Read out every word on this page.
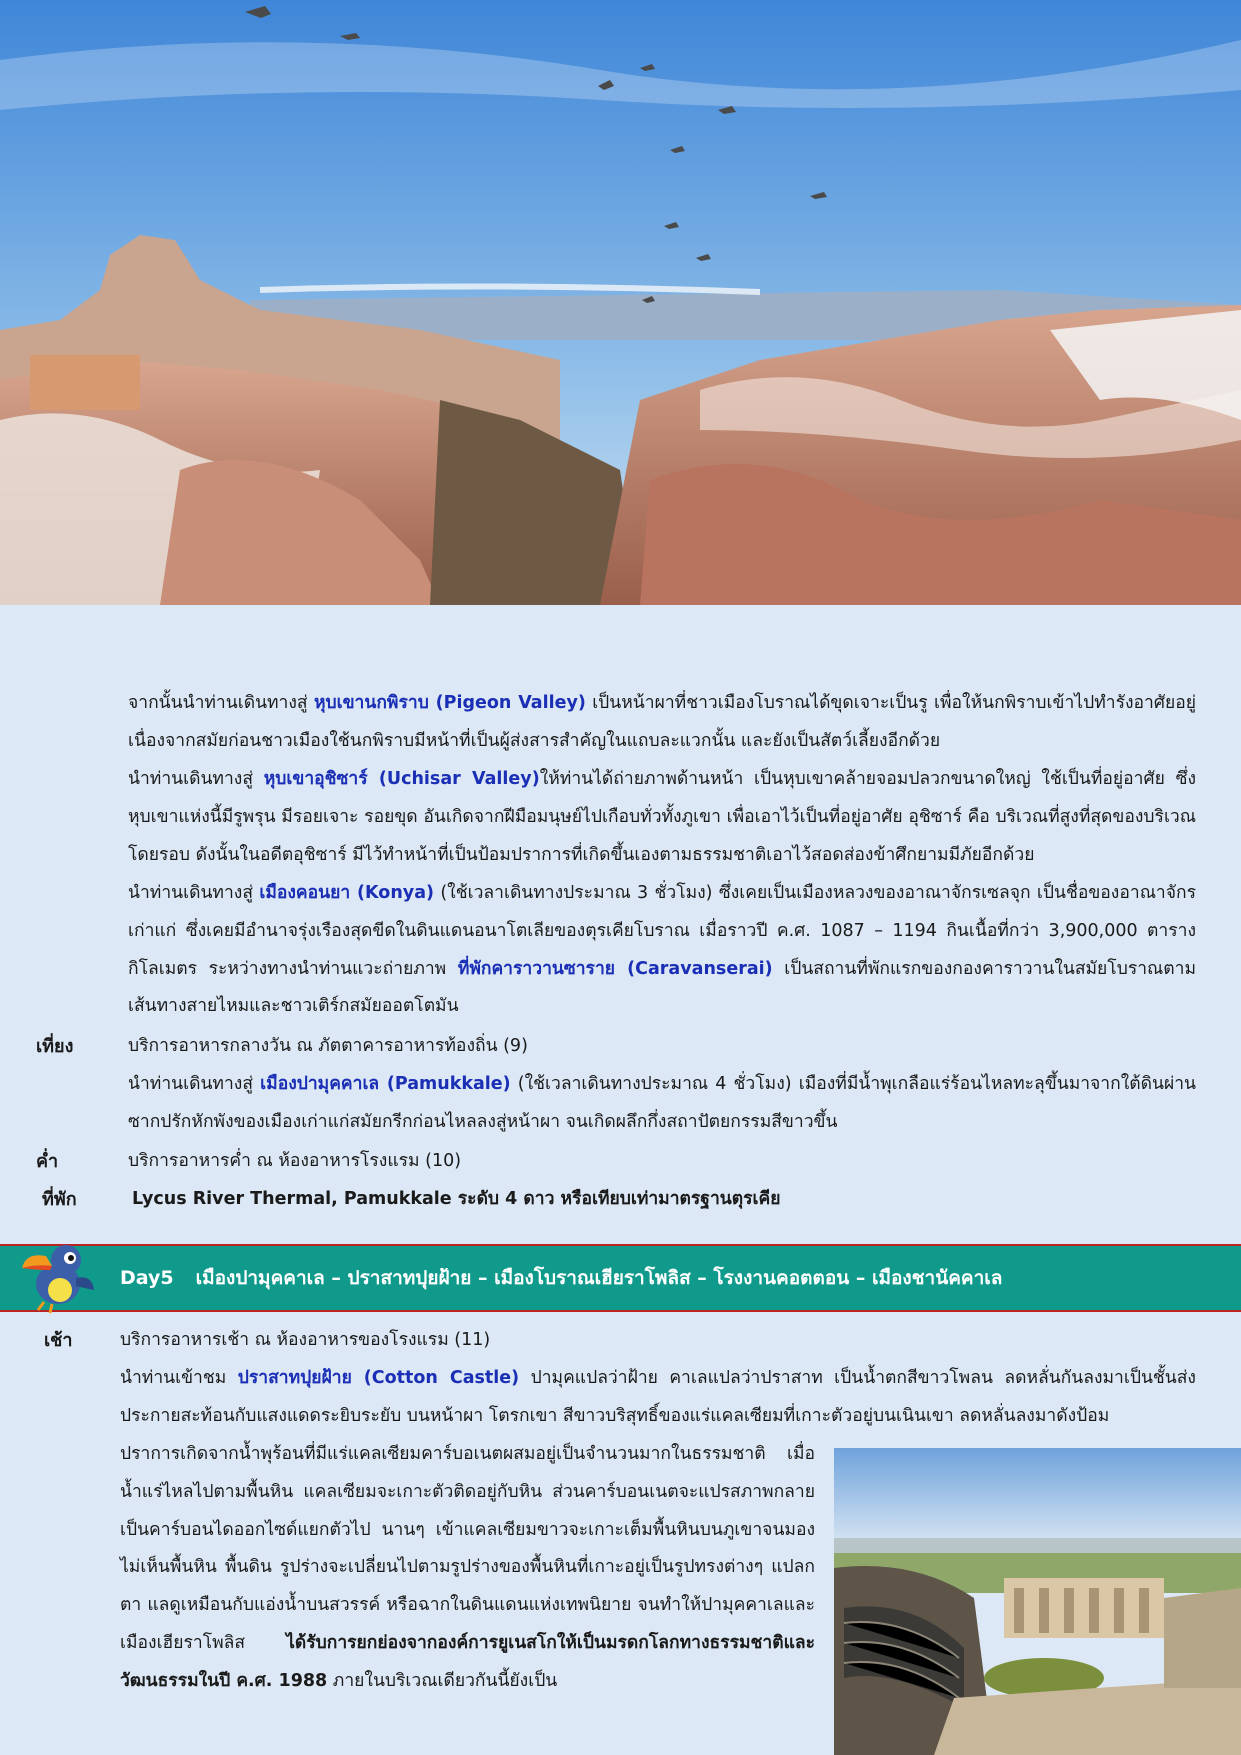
จากนั้นนำท่านเดินทางสู่ หุบเขานกพิราบ (Pigeon Valley) เป็นหน้าผาที่ชาวเมืองโบราณได้ขุดเจาะเป็นรู เพื่อให้นกพิราบเข้าไปทำรังอาศัยอยู่ เนื่องจากสมัยก่อนชาวเมืองใช้นกพิราบมีหน้าที่เป็นผู้ส่งสารสำคัญในแถบละแวกนั้น และยังเป็นสัตว์เลี้ยงอีกด้วย
นำท่านเดินทางสู่ หุบเขาอุชิซาร์ (Uchisar Valley)ให้ท่านได้ถ่ายภาพด้านหน้า เป็นหุบเขาคล้ายจอมปลวกขนาดใหญ่ ใช้เป็นที่อยู่อาศัย ซึ่งหุบเขาแห่งนี้มีรูพรุน มีรอยเจาะ รอยขุด อันเกิดจากฝีมือมนุษย์ไปเกือบทั่วทั้งภูเขา เพื่อเอาไว้เป็นที่อยู่อาศัย อุชิซาร์ คือ บริเวณที่สูงที่สุดของบริเวณโดยรอบ ดังนั้นในอดีตอุชิซาร์ มีไว้ทำหน้าที่เป็นป้อมปราการที่เกิดขึ้นเองตามธรรมชาติเอาไว้สอดส่องข้าศึกยามมีภัยอีกด้วย
นำท่านเดินทางสู่ เมืองคอนยา (Konya) (ใช้เวลาเดินทางประมาณ 3 ชั่วโมง) ซึ่งเคยเป็นเมืองหลวงของอาณาจักรเซลจุก เป็นชื่อของอาณาจักรเก่าแก่ ซึ่งเคยมีอำนาจรุ่งเรืองสุดขีดในดินแดนอนาโตเลียของตุรเคียโบราณ เมื่อราวปี ค.ศ. 1087 – 1194 กินเนื้อที่กว่า 3,900,000 ตารางกิโลเมตร ระหว่างทางนำท่านแวะถ่ายภาพ ที่พักคาราวานซาราย (Caravanserai) เป็นสถานที่พักแรกของกองคาราวานในสมัยโบราณตามเส้นทางสายไหมและชาวเติร์กสมัยออตโตมัน
เที่ยง	บริการอาหารกลางวัน ณ ภัตตาคารอาหารท้องถิ่น (9)
นำท่านเดินทางสู่ เมืองปามุคคาเล (Pamukkale) (ใช้เวลาเดินทางประมาณ 4 ชั่วโมง) เมืองที่มีน้ำพุเกลือแร่ร้อนไหลทะลุขึ้นมาจากใต้ดินผ่านซากปรักหักพังของเมืองเก่าแก่สมัยกรีกก่อนไหลลงสู่หน้าผา จนเกิดผลึกกึ่งสถาปัตยกรรมสีขาวขึ้น
ค่ำ	บริการอาหารค่ำ ณ ห้องอาหารโรงแรม (10)
ที่พัก	Lycus River Thermal, Pamukkale ระดับ 4 ดาว หรือเทียบเท่ามาตรฐานตุรเคีย
Day5 เมืองปามุคคาเล – ปราสาทปุยฝ้าย – เมืองโบราณเฮียราโพลิส – โรงงานคอตตอน – เมืองชานัคคาเล
เช้า	บริการอาหารเช้า ณ ห้องอาหารของโรงแรม (11)
นำท่านเข้าชม ปราสาทปุยฝ้าย (Cotton Castle) ปามุคแปลว่าฝ้าย คาเลแปลว่าปราสาท เป็นน้ำตกสีขาวโพลน ลดหลั่นกันลงมาเป็นชั้นส่งประกายสะท้อนกับแสงแดดระยิบระยับ บนหน้าผา โตรกเขา สีขาวบริสุทธิ์ของแร่แคลเซียมที่เกาะตัวอยู่บนเนินเขา ลดหลั่นลงมาดังป้อม
ปราการเกิดจากน้ำพุร้อนที่มีแร่แคลเซียมคาร์บอเนตผสมอยู่เป็นจำนวนมากในธรรมชาติ เมื่อน้ำแร่ไหลไปตามพื้นหิน แคลเซียมจะเกาะตัวติดอยู่กับหิน ส่วนคาร์บอนเนตจะแปรสภาพกลายเป็นคาร์บอนไดออกไซด์แยกตัวไป นานๆ เข้าแคลเซียมขาวจะเกาะเต็มพื้นหินบนภูเขาจนมองไม่เห็นพื้นหิน พื้นดิน รูปร่างจะเปลี่ยนไปตามรูปร่างของพื้นหินที่เกาะอยู่เป็นรูปทรงต่างๆ แปลกตา แลดูเหมือนกับแอ่งน้ำบนสวรรค์ หรือฉากในดินแดนแห่งเทพนิยาย จนทำให้ปามุคคาเลและเมืองเฮียราโพลิส ได้รับการยกย่องจากองค์การยูเนสโกให้เป็นมรดกโลกทางธรรมชาติและวัฒนธรรมในปี ค.ศ. 1988 ภายในบริเวณเดียวกันนี้ยังเป็น
